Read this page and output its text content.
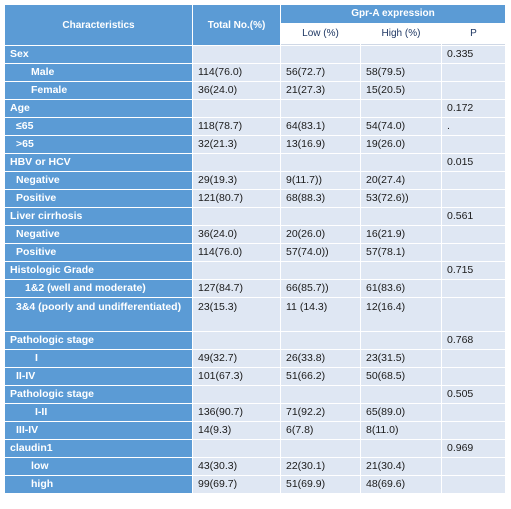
Characteristics	Total No.(%)	Gpr-A expression		
		Low (%)	High (%)	P
Sex				0.335
Male	114(76.0)	56(72.7)	58(79.5)	
Female	36(24.0)	21(27.3)	15(20.5)	
Age				0.172
≤65	118(78.7)	64(83.1)	54(74.0)	.
>65	32(21.3)	13(16.9)	19(26.0)	
HBV or HCV				0.015
Negative	29(19.3)	9(11.7))	20(27.4)	
Positive	121(80.7)	68(88.3)	53(72.6))	
Liver cirrhosis				0.561
Negative	36(24.0)	20(26.0)	16(21.9)	
Positive	114(76.0)	57(74.0))	57(78.1)	
Histologic Grade				0.715
1&2 (well and moderate)	127(84.7)	66(85.7))	61(83.6)	
3&4 (poorly and undifferentiated)	23(15.3)	11 (14.3)	12(16.4)	
Pathologic stage				0.768
I	49(32.7)	26(33.8)	23(31.5)	
II-IV	101(67.3)	51(66.2)	50(68.5)	
Pathologic stage				0.505
I-II	136(90.7)	71(92.2)	65(89.0)	
III-IV	14(9.3)	6(7.8)	8(11.0)	
claudin1				0.969
low	43(30.3)	22(30.1)	21(30.4)	
high	99(69.7)	51(69.9)	48(69.6)	
